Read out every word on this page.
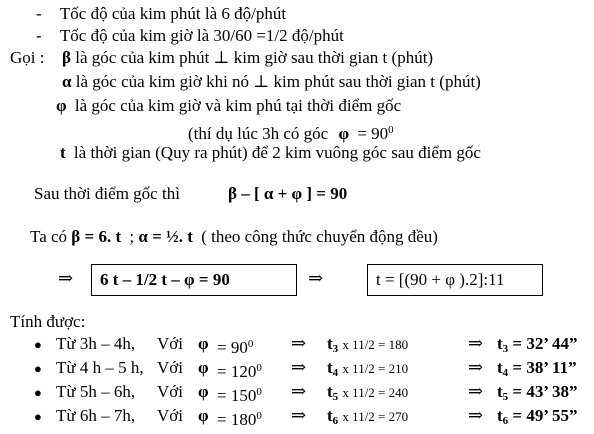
- Tốc độ của kim phút là 6 độ/phút
- Tốc độ của kim giờ là 30/60 =1/2 độ/phút
Gọi : β là góc của kim phút ⊥ kim giờ sau thời gian t (phút)
α là góc của kim giờ khi nó ⊥ kim phút sau thời gian t (phút)
φ là góc của kim giờ và kim phú tại thời điểm gốc
(thí dụ lúc 3h có góc $\varphi = 90^0$
t là thời gian (Quy ra phút) để 2 kim vuông góc sau điểm gốc
Sau thời điểm gốc thì	β – [ α + φ ] = 90
Ta có β = 6. t ; α = ½. t ( theo công thức chuyển động đều)
⇒ 6 t – 1/2 t – φ = 90	⇒	t = [(90 + φ ).2]:11
Tính được:
● Từ 3h – 4h, Với $\varphi = 90^0$ ⇒ $t_3$ x 11/2 = 180	⇒ $t_3 = 32$’ 44”
● Từ 4 h – 5 h, Với $\varphi = 120^0$ ⇒ $t_4$ x 11/2 = 210	⇒ $t_4 = 38$’ 11”
● Từ 5h – 6h, Với $\varphi = 150^0$ ⇒ $t_5$ x 11/2 = 240	⇒ $t_5 = 43$’ 38”
● Từ 6h – 7h, Với $\varphi = 180^0$ ⇒ $t_6$ x 11/2 = 270	⇒ $t_6 = 49$’ 55”
